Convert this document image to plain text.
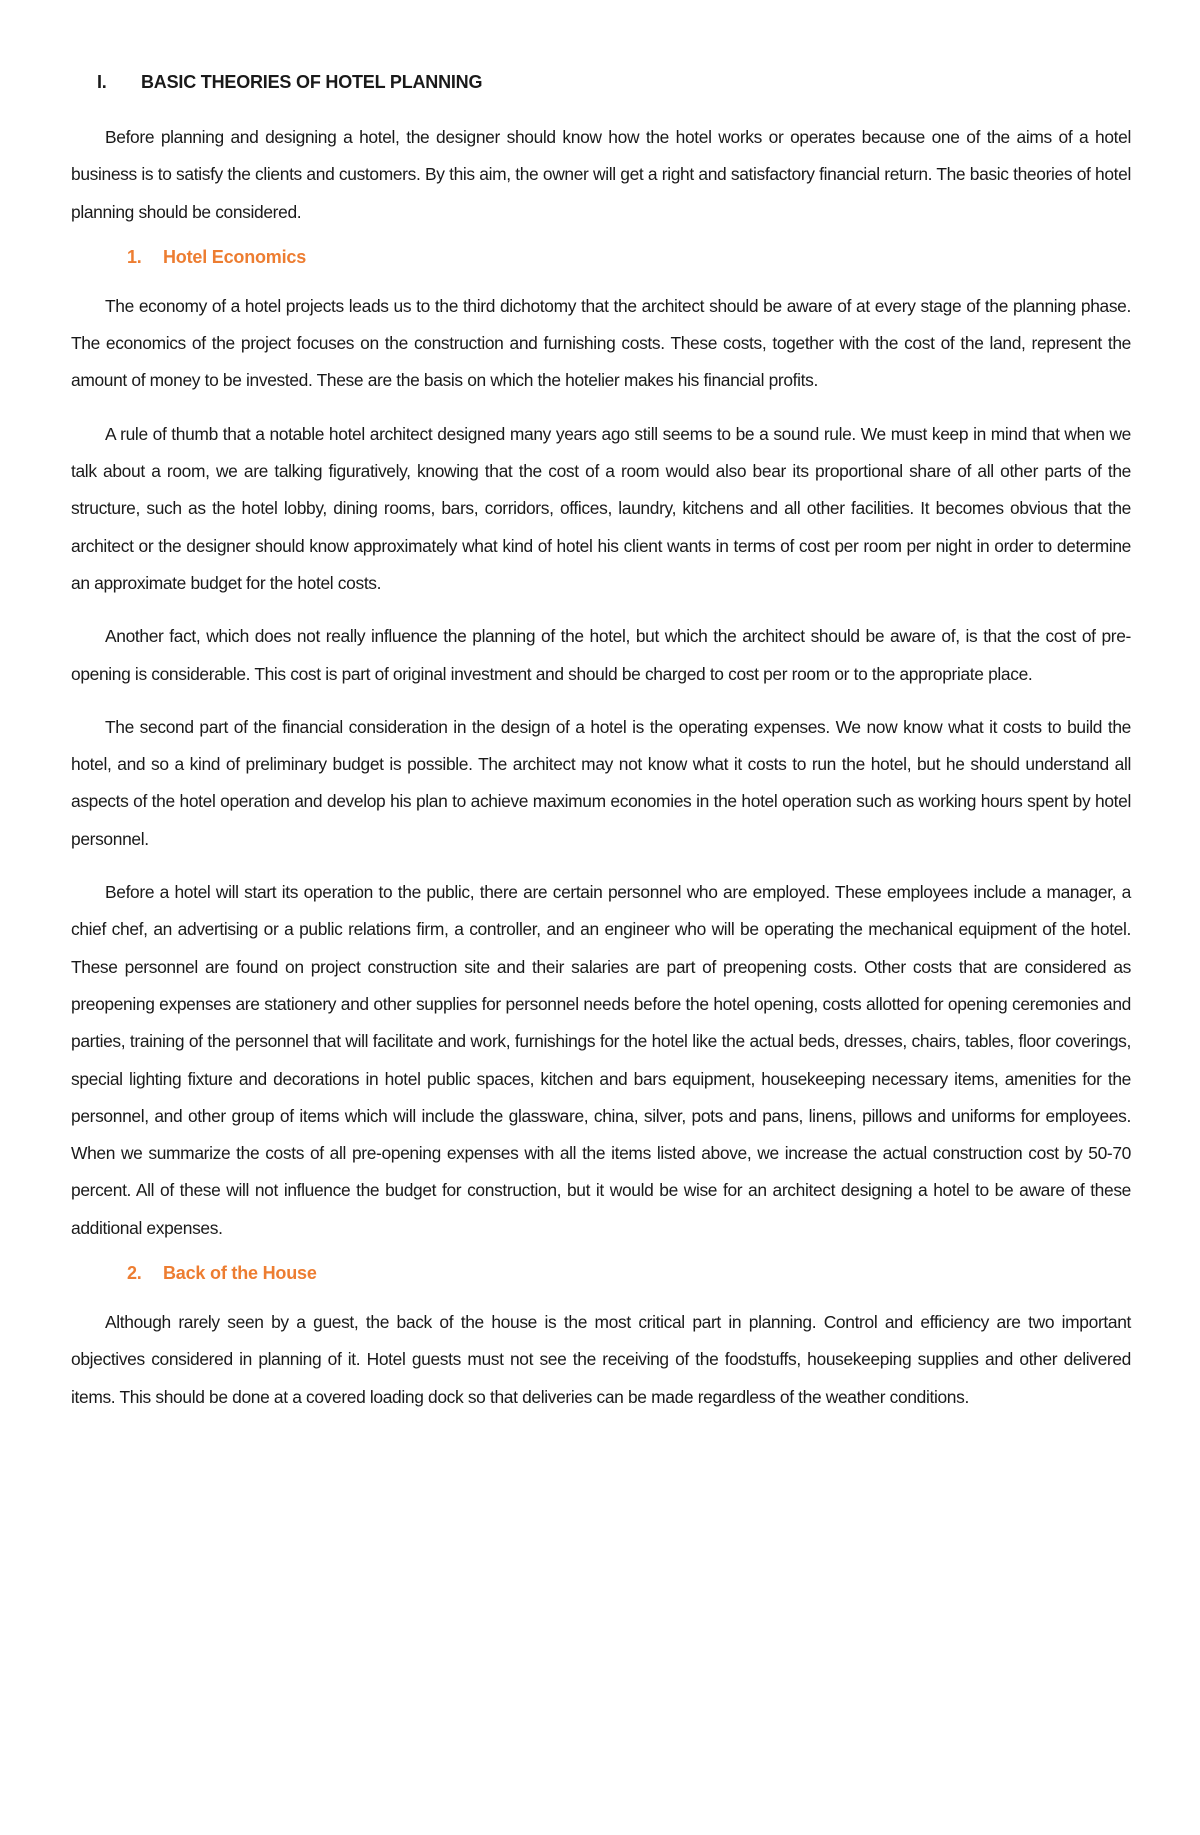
I.	BASIC THEORIES OF HOTEL PLANNING

Before planning and designing a hotel, the designer should know how the hotel works or operates because one of the aims of a hotel business is to satisfy the clients and customers. By this aim, the owner will get a right and satisfactory financial return. The basic theories of hotel planning should be considered.

1.	Hotel Economics

The economy of a hotel projects leads us to the third dichotomy that the architect should be aware of at every stage of the planning phase. The economics of the project focuses on the construction and furnishing costs. These costs, together with the cost of the land, represent the amount of money to be invested. These are the basis on which the hotelier makes his financial profits.

A rule of thumb that a notable hotel architect designed many years ago still seems to be a sound rule. We must keep in mind that when we talk about a room, we are talking figuratively, knowing that the cost of a room would also bear its proportional share of all other parts of the structure, such as the hotel lobby, dining rooms, bars, corridors, offices, laundry, kitchens and all other facilities. It becomes obvious that the architect or the designer should know approximately what kind of hotel his client wants in terms of cost per room per night in order to determine an approximate budget for the hotel costs.

Another fact, which does not really influence the planning of the hotel, but which the architect should be aware of, is that the cost of pre-opening is considerable. This cost is part of original investment and should be charged to cost per room or to the appropriate place.

The second part of the financial consideration in the design of a hotel is the operating expenses. We now know what it costs to build the hotel, and so a kind of preliminary budget is possible. The architect may not know what it costs to run the hotel, but he should understand all aspects of the hotel operation and develop his plan to achieve maximum economies in the hotel operation such as working hours spent by hotel personnel.

Before a hotel will start its operation to the public, there are certain personnel who are employed. These employees include a manager, a chief chef, an advertising or a public relations firm, a controller, and an engineer who will be operating the mechanical equipment of the hotel. These personnel are found on project construction site and their salaries are part of preopening costs. Other costs that are considered as preopening expenses are stationery and other supplies for personnel needs before the hotel opening, costs allotted for opening ceremonies and parties, training of the personnel that will facilitate and work, furnishings for the hotel like the actual beds, dresses, chairs, tables, floor coverings, special lighting fixture and decorations in hotel public spaces, kitchen and bars equipment, housekeeping necessary items, amenities for the personnel, and other group of items which will include the glassware, china, silver, pots and pans, linens, pillows and uniforms for employees. When we summarize the costs of all pre-opening expenses with all the items listed above, we increase the actual construction cost by 50-70 percent. All of these will not influence the budget for construction, but it would be wise for an architect designing a hotel to be aware of these additional expenses.

2.	Back of the House

Although rarely seen by a guest, the back of the house is the most critical part in planning. Control and efficiency are two important objectives considered in planning of it. Hotel guests must not see the receiving of the foodstuffs, housekeeping supplies and other delivered items. This should be done at a covered loading dock so that deliveries can be made regardless of the weather conditions.
